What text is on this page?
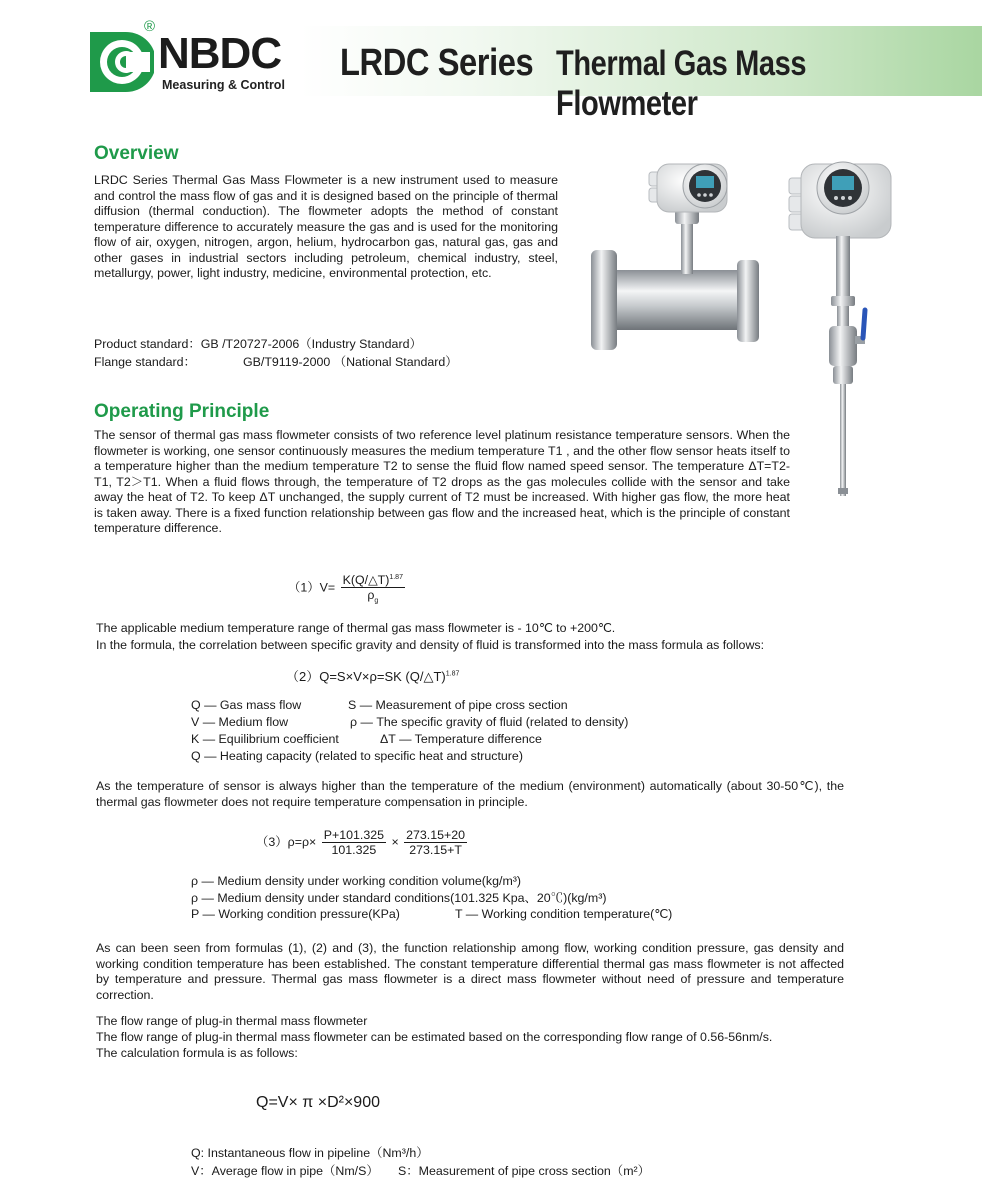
®
NBDC
Measuring & Control
LRDC Series Thermal Gas Mass Flowmeter
Overview
LRDC Series Thermal Gas Mass Flowmeter is a new instrument used to measure and control the mass flow of gas and it is designed based on the principle of thermal diffusion (thermal conduction). The flowmeter adopts the method of constant temperature difference to accurately measure the gas and is used for the monitoring flow of air, oxygen, nitrogen, argon, helium, hydrocarbon gas, natural gas, gas and other gases in industrial sectors including petroleum, chemical industry, steel, metallurgy, power, light industry, medicine, environmental protection, etc.
Product standard：GB /T20727-2006（Industry Standard）
Flange standard：	GB/T9119-2000 （National Standard）
Operating Principle
The sensor of thermal gas mass flowmeter consists of two reference level platinum resistance temperature sensors. When the flowmeter is working, one sensor continuously measures the medium temperature T1 , and the other flow sensor heats itself to a temperature higher than the medium temperature T2 to sense the fluid flow named speed sensor. The temperature ΔT=T2-T1, T2＞T1. When a fluid flows through, the temperature of T2 drops as the gas molecules collide with the sensor and take away the heat of T2. To keep ΔT unchanged, the supply current of T2 must be increased. With higher gas flow, the more heat is taken away. There is a fixed function relationship between gas flow and the increased heat, which is the principle of constant temperature difference.
$(1)V= \frac{K(Q/\triangle T)^{1.87}}{\rho_g}$
The applicable medium temperature range of thermal gas mass flowmeter is - 10℃ to +200℃.
In the formula, the correlation between specific gravity and density of fluid is transformed into the mass formula as follows:
（2）Q=S×V×ρ=SK (Q/△T)$^{1.87}$
Q — Gas mass flow	S — Measurement of pipe cross section
V — Medium flow	ρ — The specific gravity of fluid (related to density)
K — Equilibrium coefficient	ΔT — Temperature difference
Q — Heating capacity (related to specific heat and structure)
As the temperature of sensor is always higher than the temperature of the medium (environment) automatically (about 30-50℃), the thermal gas flowmeter does not require temperature compensation in principle.
$(3)\rho=\rho\times \frac{P+101.325}{101.325} \times \frac{273.15+20}{273.15+T}$
ρ — Medium density under working condition volume(kg/m³)
ρ — Medium density under standard conditions(101.325 Kpa、20℃)(kg/m³)
P — Working condition pressure(KPa)	T — Working condition temperature(℃)
As can been seen from formulas (1), (2) and (3), the function relationship among flow, working condition pressure, gas density and working condition temperature has been established. The constant temperature differential thermal gas mass flowmeter is not affected by temperature and pressure. Thermal gas mass flowmeter is a direct mass flowmeter without need of pressure and temperature correction.
The flow range of plug-in thermal mass flowmeter
The flow range of plug-in thermal mass flowmeter can be estimated based on the corresponding flow range of 0.56-56nm/s.
The calculation formula is as follows:
Q=V× π ×D²×900
Q: Instantaneous flow in pipeline（Nm³/h）
V：Average flow in pipe（Nm/S） S：Measurement of pipe cross section（m²）
